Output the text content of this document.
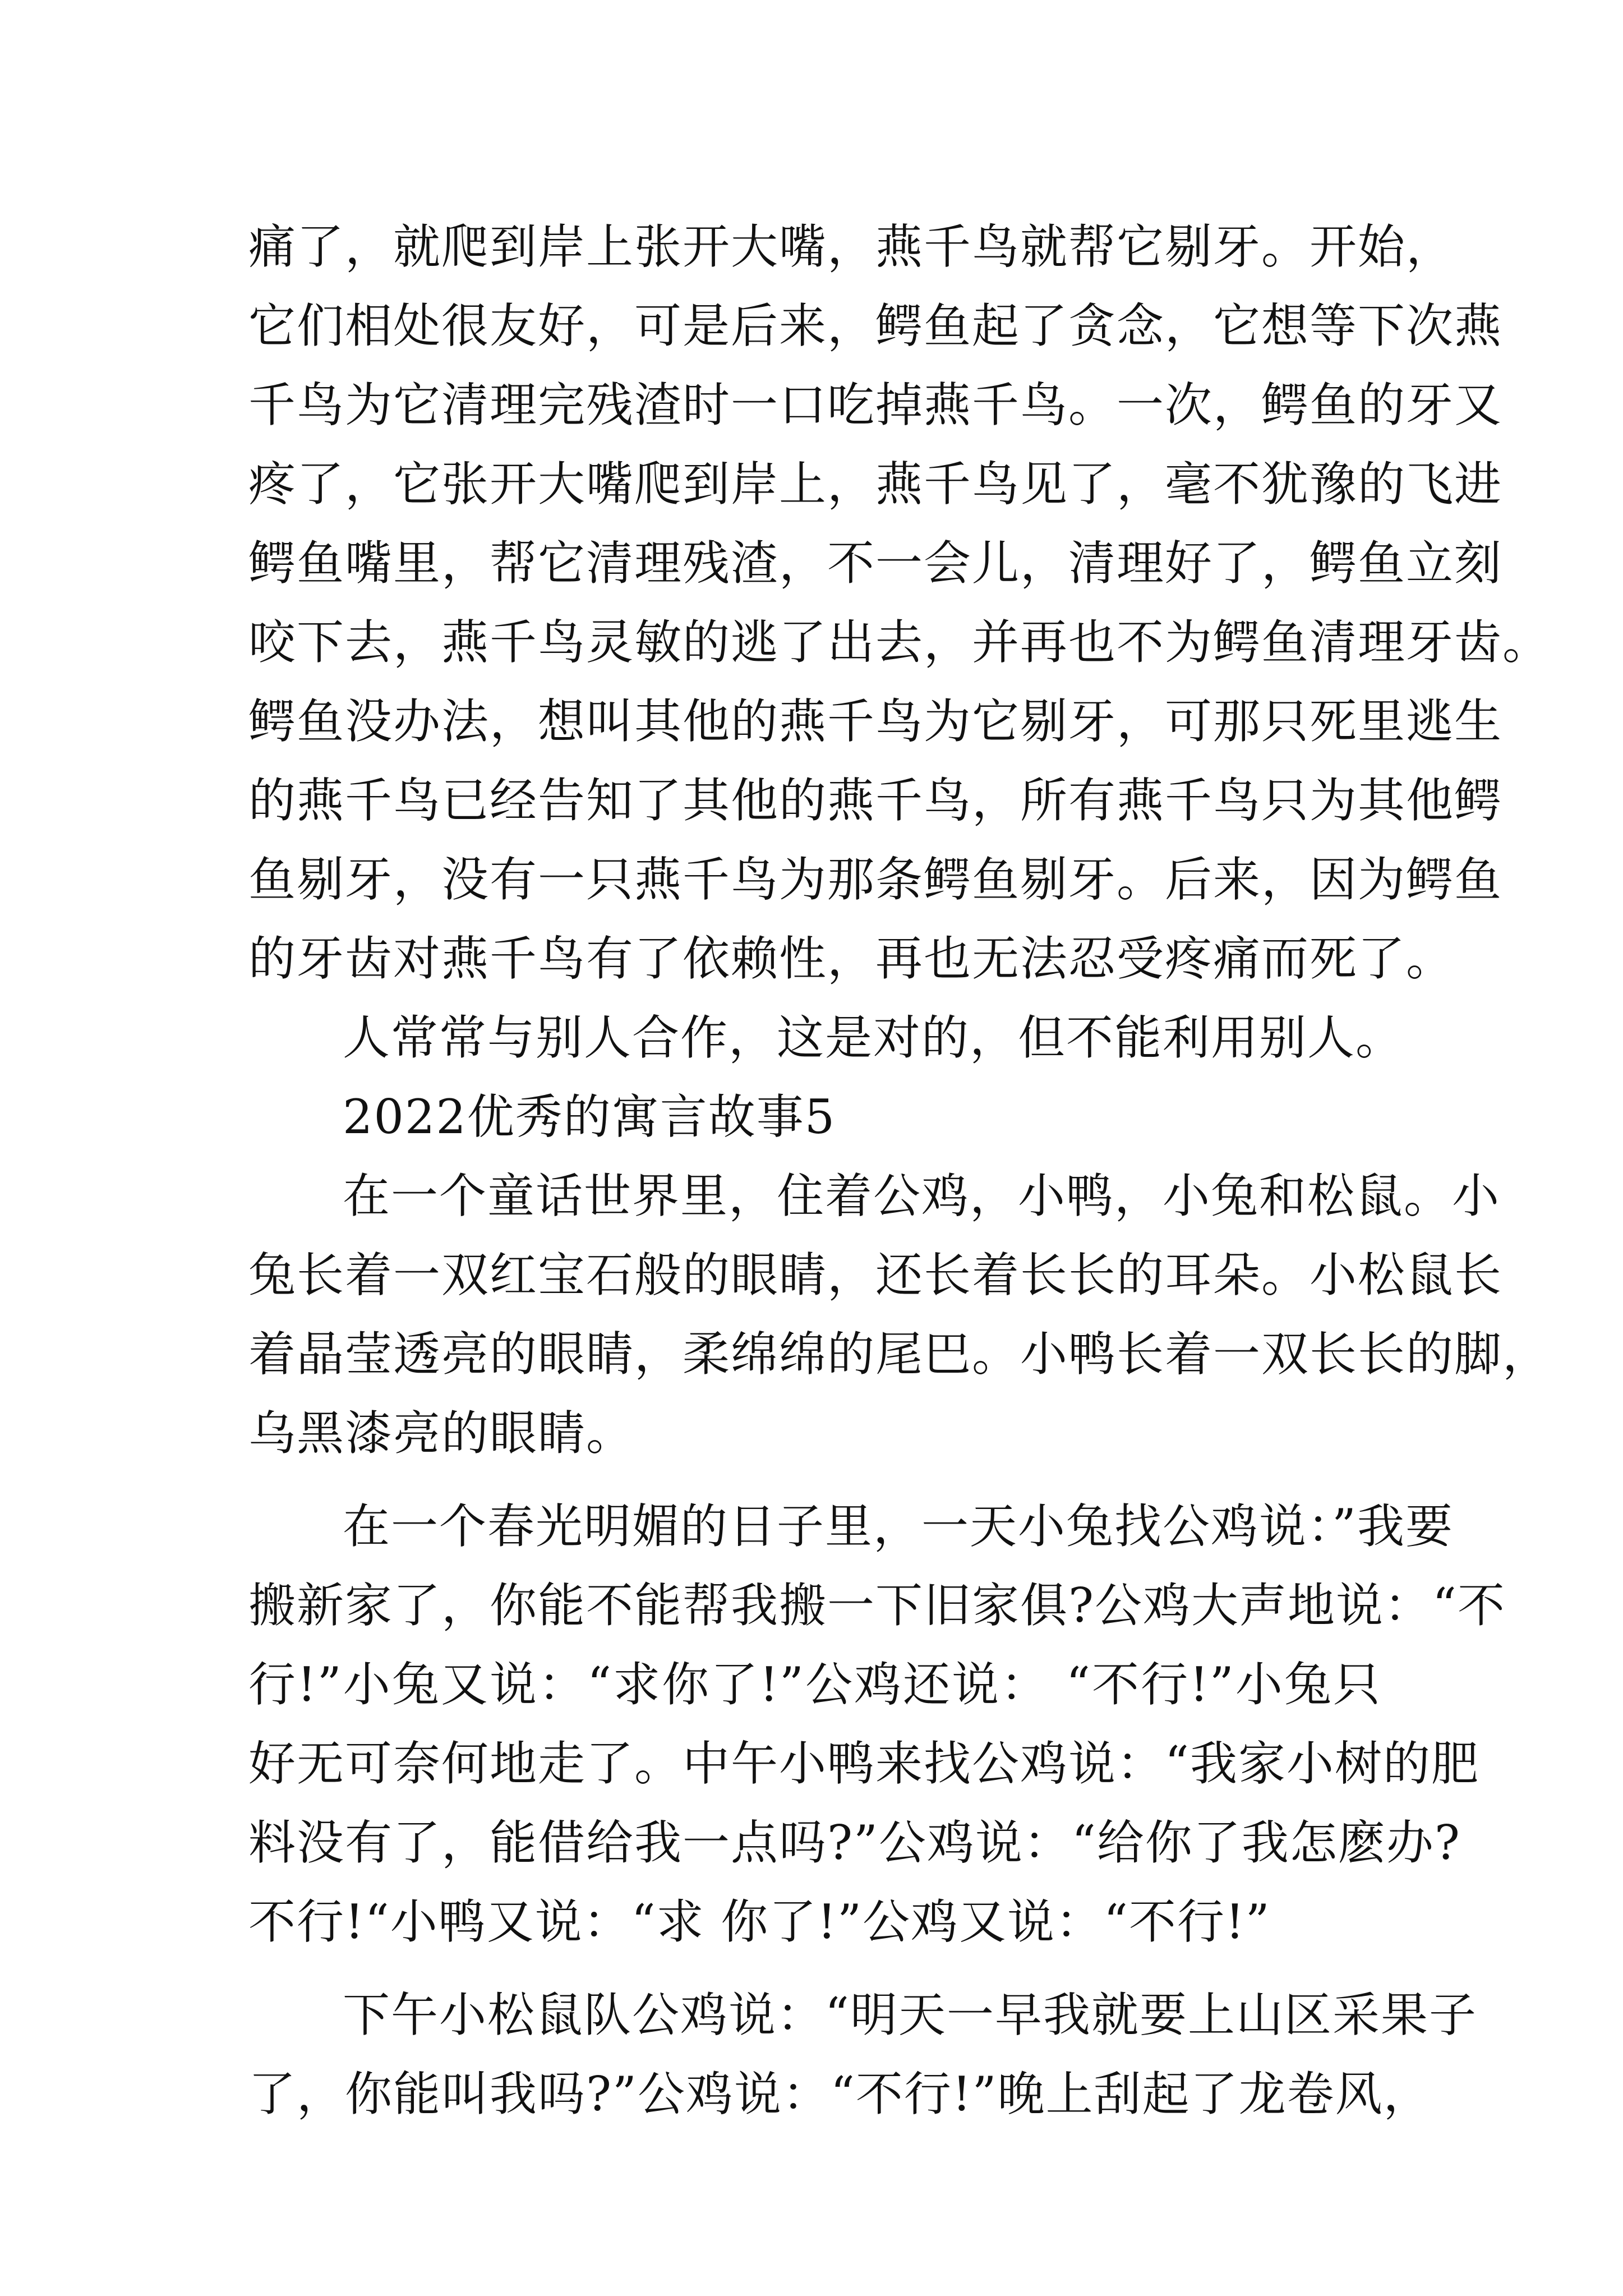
痛了，就爬到岸上张开大嘴，燕千鸟就帮它剔牙。开始，
它们相处很友好，可是后来，鳄鱼起了贪念，它想等下次燕
千鸟为它清理完残渣时一口吃掉燕千鸟。一次，鳄鱼的牙又
疼了，它张开大嘴爬到岸上，燕千鸟见了，毫不犹豫的飞进
鳄鱼嘴里，帮它清理残渣，不一会儿，清理好了，鳄鱼立刻
咬下去，燕千鸟灵敏的逃了出去，并再也不为鳄鱼清理牙齿。
鳄鱼没办法，想叫其他的燕千鸟为它剔牙，可那只死里逃生
的燕千鸟已经告知了其他的燕千鸟，所有燕千鸟只为其他鳄
鱼剔牙，没有一只燕千鸟为那条鳄鱼剔牙。后来，因为鳄鱼
的牙齿对燕千鸟有了依赖性，再也无法忍受疼痛而死了。
人常常与别人合作，这是对的，但不能利用别人。
2022优秀的寓言故事5
在一个童话世界里，住着公鸡，小鸭，小兔和松鼠。小
兔长着一双红宝石般的眼睛，还长着长长的耳朵。小松鼠长
着晶莹透亮的眼睛，柔绵绵的尾巴。小鸭长着一双长长的脚，
乌黑漆亮的眼睛。
在一个春光明媚的日子里，一天小兔找公鸡说：”我要
搬新家了，你能不能帮我搬一下旧家俱?公鸡大声地说：“不
行!”小兔又说：“求你了!”公鸡还说： “不行!”小兔只
好无可奈何地走了。中午小鸭来找公鸡说：“我家小树的肥
料没有了，能借给我一点吗?”公鸡说：“给你了我怎麽办?
不行!“小鸭又说：“求 你了!”公鸡又说：“不行!”
下午小松鼠队公鸡说：“明天一早我就要上山区采果子
了，你能叫我吗?”公鸡说：“不行!”晚上刮起了龙卷风，
